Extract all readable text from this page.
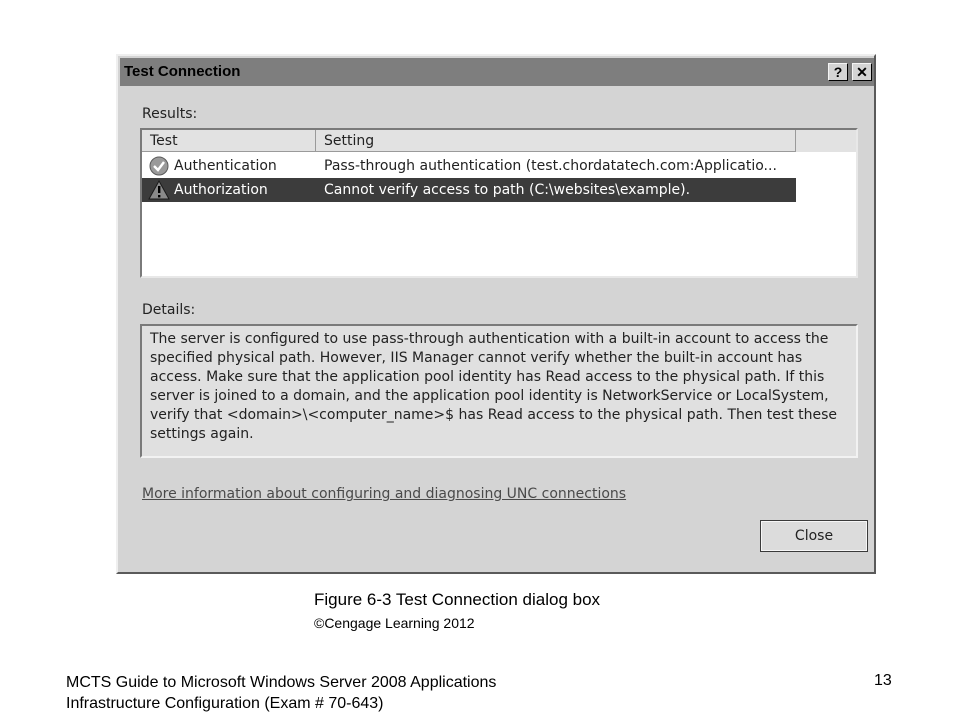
Test Connection	? ✕
Results:
Test	Setting
Authentication	Pass-through authentication (test.chordatatech.com:Applicatio...
Authorization	Cannot verify access to path (C:\websites\example).
Details:
The server is configured to use pass-through authentication with a built-in account to access the specified physical path. However, IIS Manager cannot verify whether the built-in account has access. Make sure that the application pool identity has Read access to the physical path. If this server is joined to a domain, and the application pool identity is NetworkService or LocalSystem, verify that <domain>\<computer_name>$ has Read access to the physical path. Then test these settings again.
More information about configuring and diagnosing UNC connections
Close
Figure 6-3 Test Connection dialog box
©Cengage Learning 2012
MCTS Guide to Microsoft Windows Server 2008 Applications
Infrastructure Configuration (Exam # 70-643)
13
